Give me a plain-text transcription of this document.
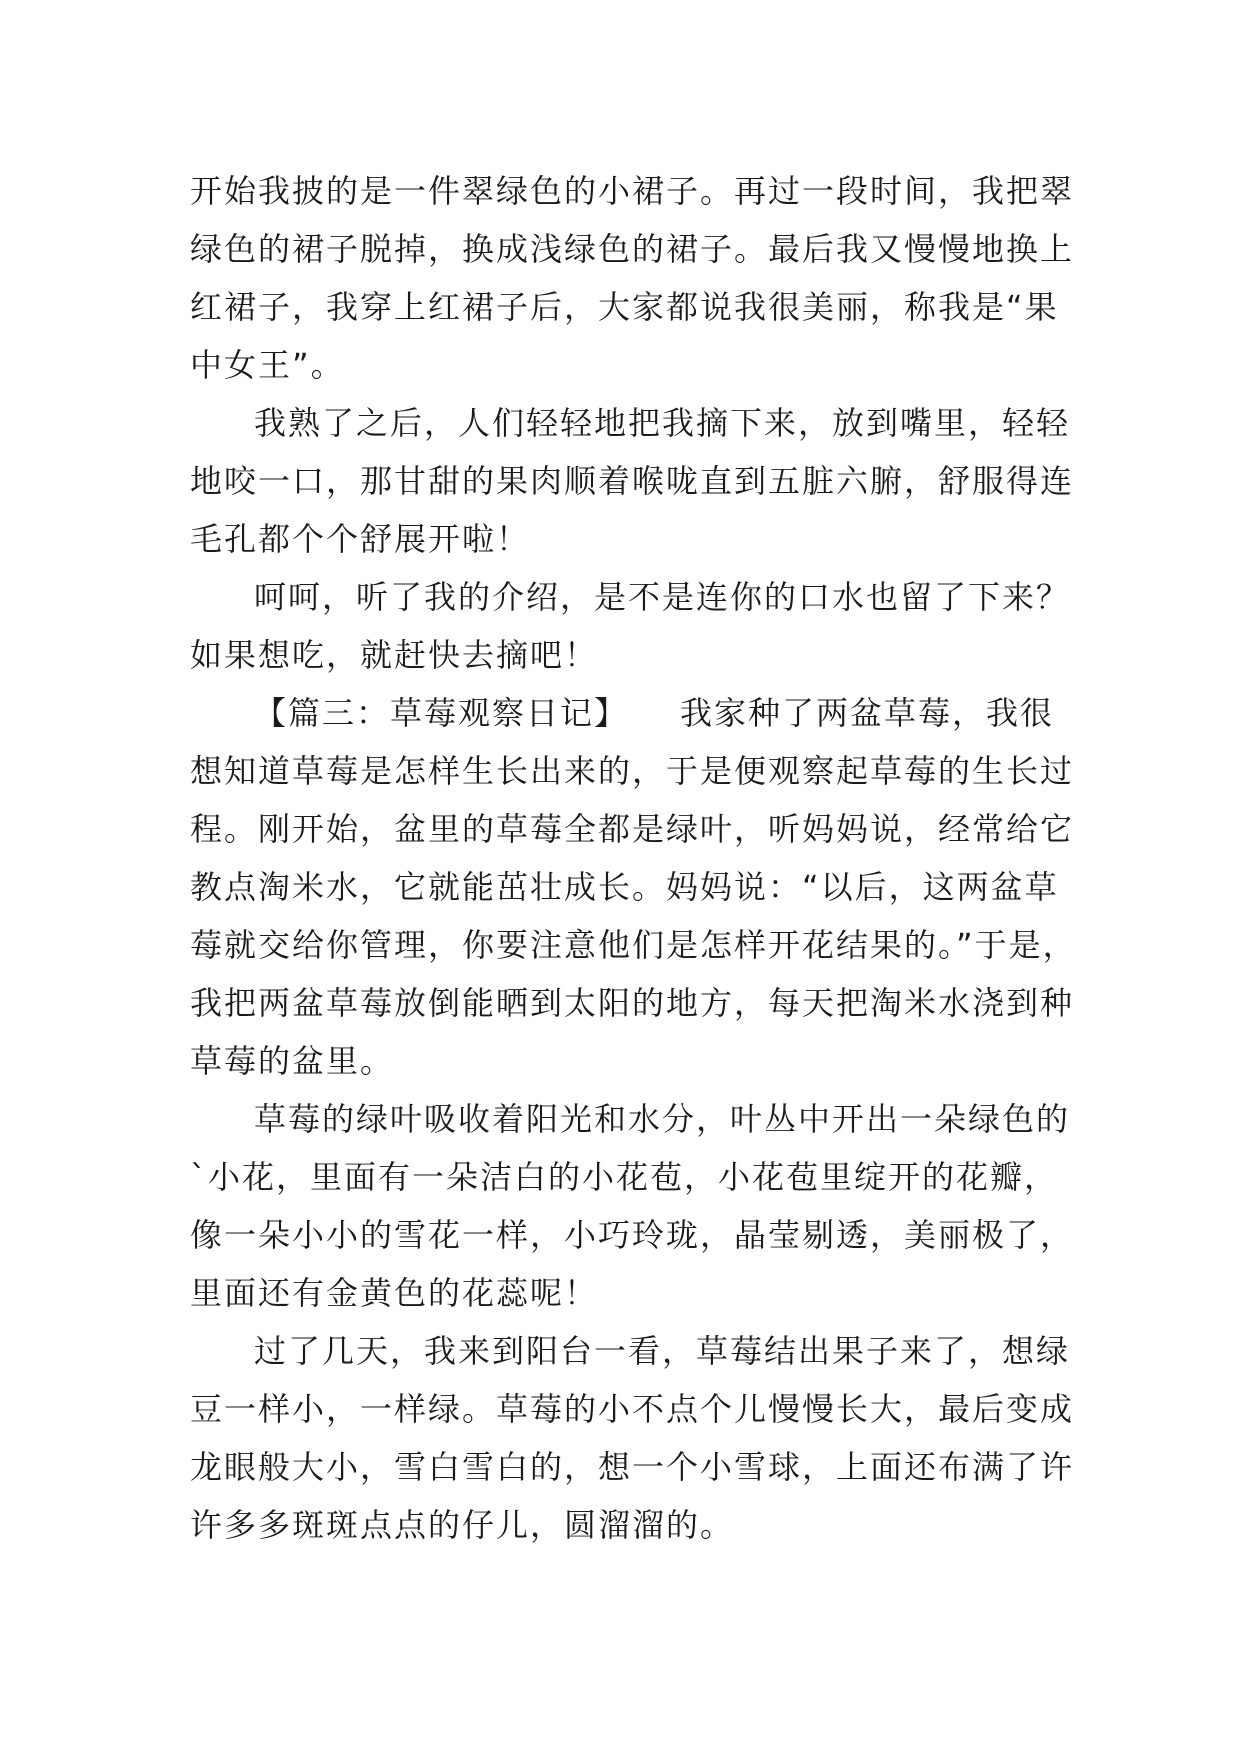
开始我披的是一件翠绿色的小裙子。再过一段时间，我把翠
绿色的裙子脱掉，换成浅绿色的裙子。最后我又慢慢地换上
红裙子，我穿上红裙子后，大家都说我很美丽，称我是“果
中女王”。
我熟了之后，人们轻轻地把我摘下来，放到嘴里，轻轻
地咬一口，那甘甜的果肉顺着喉咙直到五脏六腑，舒服得连
毛孔都个个舒展开啦！
呵呵，听了我的介绍，是不是连你的口水也留了下来？
如果想吃，就赶快去摘吧！
【篇三：草莓观察日记】　　我家种了两盆草莓，我很
想知道草莓是怎样生长出来的，于是便观察起草莓的生长过
程。刚开始，盆里的草莓全都是绿叶，听妈妈说，经常给它
教点淘米水，它就能茁壮成长。妈妈说：“以后，这两盆草
莓就交给你管理，你要注意他们是怎样开花结果的。”于是，
我把两盆草莓放倒能晒到太阳的地方，每天把淘米水浇到种
草莓的盆里。
草莓的绿叶吸收着阳光和水分，叶丛中开出一朵绿色的
`小花，里面有一朵洁白的小花苞，小花苞里绽开的花瓣，
像一朵小小的雪花一样，小巧玲珑，晶莹剔透，美丽极了，
里面还有金黄色的花蕊呢！
过了几天，我来到阳台一看，草莓结出果子来了，想绿
豆一样小，一样绿。草莓的小不点个儿慢慢长大，最后变成
龙眼般大小，雪白雪白的，想一个小雪球，上面还布满了许
许多多斑斑点点的仔儿，圆溜溜的。
